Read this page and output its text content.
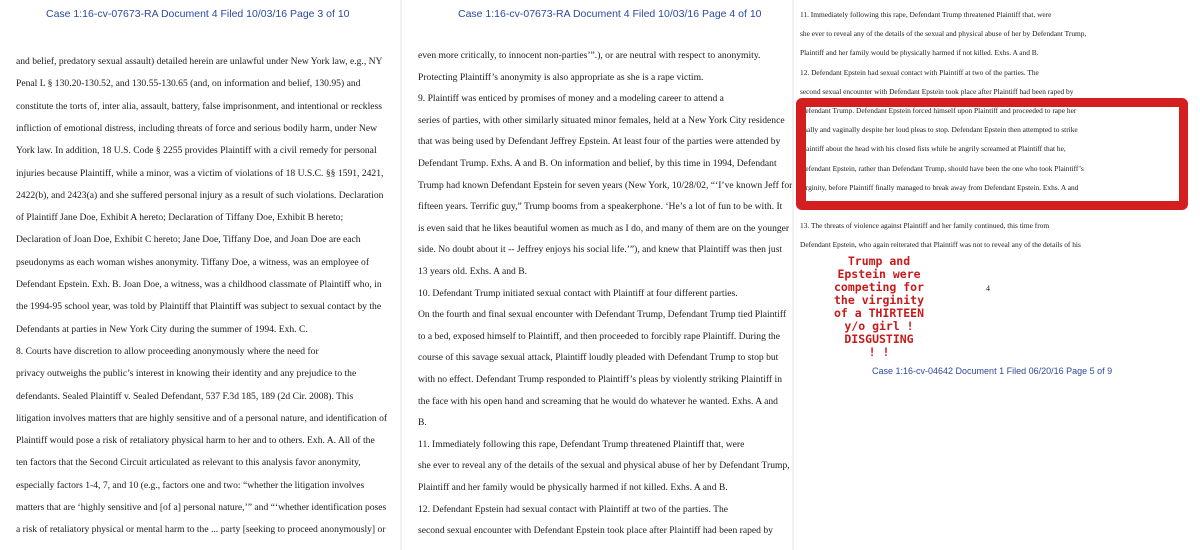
Case 1:16-cv-07673-RA Document 4 Filed 10/03/16 Page 3 of 10
and belief, predatory sexual assault) detailed herein are unlawful under New York law, e.g., NY
Penal L § 130.20-130.52, and 130.55-130.65 (and, on information and belief, 130.95) and
constitute the torts of, inter alia, assault, battery, false imprisonment, and intentional or reckless
infliction of emotional distress, including threats of force and serious bodily harm, under New
York law. In addition, 18 U.S. Code § 2255 provides Plaintiff with a civil remedy for personal
injuries because Plaintiff, while a minor, was a victim of violations of 18 U.S.C. §§ 1591, 2421,
2422(b), and 2423(a) and she suffered personal injury as a result of such violations. Declaration
of Plaintiff Jane Doe, Exhibit A hereto; Declaration of Tiffany Doe, Exhibit B hereto;
Declaration of Joan Doe, Exhibit C hereto; Jane Doe, Tiffany Doe, and Joan Doe are each
pseudonyms as each woman wishes anonymity. Tiffany Doe, a witness, was an employee of
Defendant Epstein. Exh. B. Joan Doe, a witness, was a childhood classmate of Plaintiff who, in
the 1994-95 school year, was told by Plaintiff that Plaintiff was subject to sexual contact by the
Defendants at parties in New York City during the summer of 1994. Exh. C.
8. Courts have discretion to allow proceeding anonymously where the need for
privacy outweighs the public’s interest in knowing their identity and any prejudice to the
defendants. Sealed Plaintiff v. Sealed Defendant, 537 F.3d 185, 189 (2d Cir. 2008). This
litigation involves matters that are highly sensitive and of a personal nature, and identification of
Plaintiff would pose a risk of retaliatory physical harm to her and to others. Exh. A. All of the
ten factors that the Second Circuit articulated as relevant to this analysis favor anonymity,
especially factors 1-4, 7, and 10 (e.g., factors one and two: “whether the litigation involves
matters that are ‘highly sensitive and [of a] personal nature,’” and “‘whether identification poses
a risk of retaliatory physical or mental harm to the ... party [seeking to proceed anonymously] or
Case 1:16-cv-07673-RA Document 4 Filed 10/03/16 Page 4 of 10
even more critically, to innocent non-parties’”.), or are neutral with respect to anonymity.
Protecting Plaintiff’s anonymity is also appropriate as she is a rape victim.
9. Plaintiff was enticed by promises of money and a modeling career to attend a
series of parties, with other similarly situated minor females, held at a New York City residence
that was being used by Defendant Jeffrey Epstein. At least four of the parties were attended by
Defendant Trump. Exhs. A and B. On information and belief, by this time in 1994, Defendant
Trump had known Defendant Epstein for seven years (New York, 10/28/02, “‘I’ve known Jeff for
fifteen years. Terrific guy,” Trump booms from a speakerphone. ‘He’s a lot of fun to be with. It
is even said that he likes beautiful women as much as I do, and many of them are on the younger
side. No doubt about it -- Jeffrey enjoys his social life.’”), and knew that Plaintiff was then just
13 years old. Exhs. A and B.
10. Defendant Trump initiated sexual contact with Plaintiff at four different parties.
On the fourth and final sexual encounter with Defendant Trump, Defendant Trump tied Plaintiff
to a bed, exposed himself to Plaintiff, and then proceeded to forcibly rape Plaintiff. During the
course of this savage sexual attack, Plaintiff loudly pleaded with Defendant Trump to stop but
with no effect. Defendant Trump responded to Plaintiff’s pleas by violently striking Plaintiff in
the face with his open hand and screaming that he would do whatever he wanted. Exhs. A and
B.
11. Immediately following this rape, Defendant Trump threatened Plaintiff that, were
she ever to reveal any of the details of the sexual and physical abuse of her by Defendant Trump,
Plaintiff and her family would be physically harmed if not killed. Exhs. A and B.
12. Defendant Epstein had sexual contact with Plaintiff at two of the parties. The
second sexual encounter with Defendant Epstein took place after Plaintiff had been raped by
11. Immediately following this rape, Defendant Trump threatened Plaintiff that, were
she ever to reveal any of the details of the sexual and physical abuse of her by Defendant Trump,
Plaintiff and her family would be physically harmed if not killed. Exhs. A and B.
12. Defendant Epstein had sexual contact with Plaintiff at two of the parties. The
second sexual encounter with Defendant Epstein took place after Plaintiff had been raped by
Defendant Trump. Defendant Epstein forced himself upon Plaintiff and proceeded to rape her
anally and vaginally despite her loud pleas to stop. Defendant Epstein then attempted to strike
Plaintiff about the head with his closed fists while he angrily screamed at Plaintiff that he,
Defendant Epstein, rather than Defendant Trump, should have been the one who took Plaintiff’s
virginity, before Plaintiff finally managed to break away from Defendant Epstein. Exhs. A and
13. The threats of violence against Plaintiff and her family continued, this time from
Defendant Epstein, who again reiterated that Plaintiff was not to reveal any of the details of his
Trump and
Epstein were
competing for
the virginity
of a THIRTEEN
y/o girl !
DISGUSTING
! !
4
Case 1:16-cv-04642 Document 1 Filed 06/20/16 Page 5 of 9
